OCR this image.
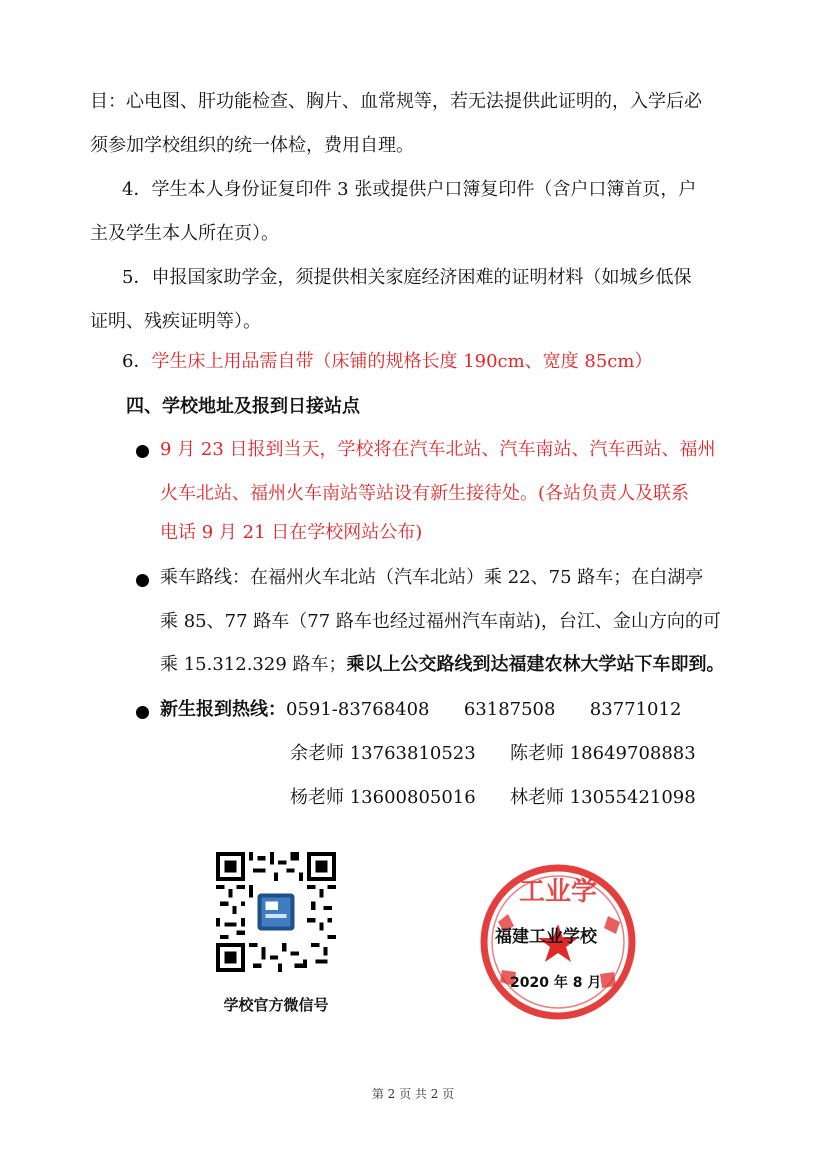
目：心电图、肝功能检查、胸片、血常规等，若无法提供此证明的，入学后必
须参加学校组织的统一体检，费用自理。
4．学生本人身份证复印件 3 张或提供户口簿复印件（含户口簿首页，户
主及学生本人所在页）。
5．申报国家助学金，须提供相关家庭经济困难的证明材料（如城乡低保
证明、残疾证明等）。
6．学生床上用品需自带（床铺的规格长度 190cm、宽度 85cm）
四、学校地址及报到日接站点
9 月 23 日报到当天，学校将在汽车北站、汽车南站、汽车西站、福州
火车北站、福州火车南站等站设有新生接待处。(各站负责人及联系
电话 9 月 21 日在学校网站公布)
乘车路线：在福州火车北站（汽车北站）乘 22、75 路车；在白湖亭
乘 85、77 路车（77 路车也经过福州汽车南站)，台江、金山方向的可
乘 15.312.329 路车；乘以上公交路线到达福建农林大学站下车即到。
新生报到热线：0591-83768408      63187508      83771012
余老师 13763810523 陈老师 18649708883
杨老师 13600805016 林老师 13055421098
学校官方微信号
工业学
福建工业学校
2020 年 8 月
第 2 页 共 2 页
